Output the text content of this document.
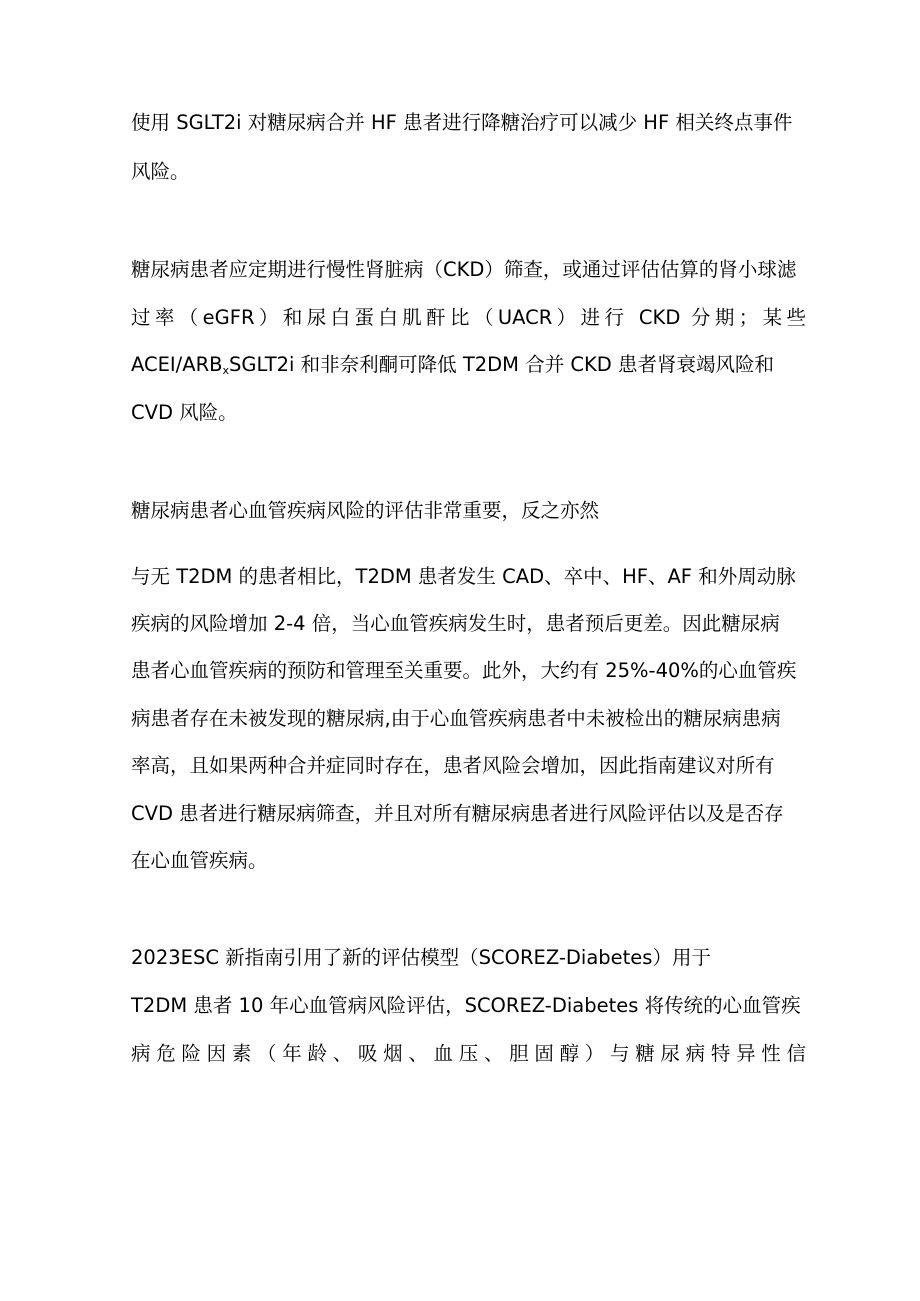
使用 SGLT2i 对糖尿病合并 HF 患者进行降糖治疗可以减少 HF 相关终点事件
风险。
糖尿病患者应定期进行慢性肾脏病（CKD）筛查，或通过评估估算的肾小球滤
过率（eGFR）和尿白蛋白肌酐比（UACR）进行 CKD 分期；某些
ACEI/$ARB_xSGLT2i$ 和非奈利酮可降低 T2DM 合并 CKD 患者肾衰竭风险和
CVD 风险。
糖尿病患者心血管疾病风险的评估非常重要，反之亦然
与无 T2DM 的患者相比，T2DM 患者发生 CAD、卒中、HF、AF 和外周动脉
疾病的风险增加 2-4 倍，当心血管疾病发生时，患者预后更差。因此糖尿病
患者心血管疾病的预防和管理至关重要。此外，大约有 25%-40%的心血管疾
病患者存在未被发现的糖尿病,由于心血管疾病患者中未被检出的糖尿病患病
率高，且如果两种合并症同时存在，患者风险会增加，因此指南建议对所有
CVD 患者进行糖尿病筛查，并且对所有糖尿病患者进行风险评估以及是否存
在心血管疾病。
2023ESC 新指南引用了新的评估模型（SCOREZ-Diabetes）用于
T2DM 患者 10 年心血管病风险评估，SCOREZ-Diabetes 将传统的心血管疾
病危险因素（年龄、吸烟、血压、胆固醇）与糖尿病特异性信
